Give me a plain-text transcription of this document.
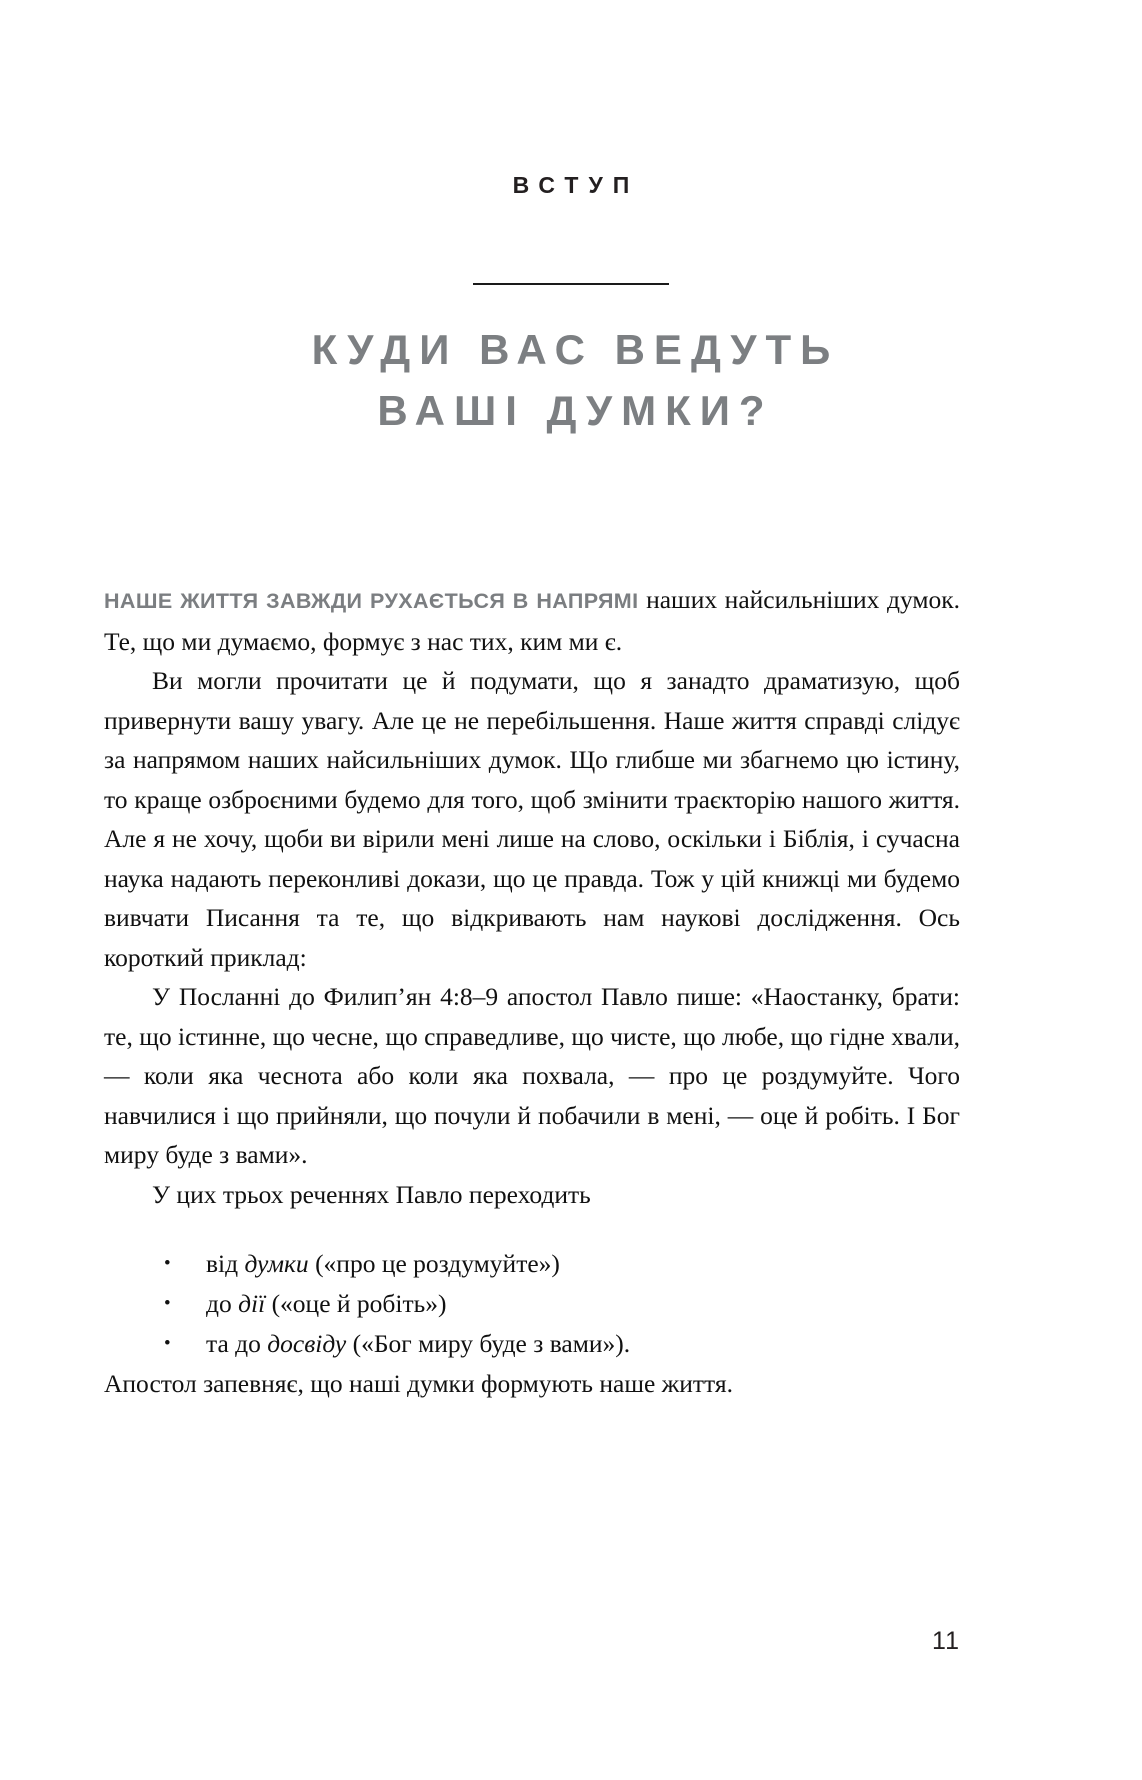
ВСТУП
КУДИ ВАС ВЕДУТЬ
ВАШІ ДУМКИ?

НАШЕ ЖИТТЯ ЗАВЖДИ РУХАЄТЬСЯ В НАПРЯМІ наших найсильніших думок. Те, що ми думаємо, формує з нас тих, ким ми є.

Ви могли прочитати це й подумати, що я занадто драматизую, щоб привернути вашу увагу. Але це не перебільшення. Наше життя справді слідує за напрямом наших найсильніших думок. Що глибше ми збагнемо цю істину, то краще озброєними будемо для того, щоб змінити траєкторію нашого життя. Але я не хочу, щоби ви вірили мені лише на слово, оскільки і Біблія, і сучасна наука надають переконливі докази, що це правда. Тож у цій книжці ми будемо вивчати Писання та те, що відкривають нам наукові дослідження. Ось короткий приклад:

У Посланні до Филип’ян 4:8–9 апостол Павло пише: «Наостанку, брати: те, що істинне, що чесне, що справедливе, що чисте, що любе, що гідне хвали, — коли яка чеснота або коли яка похвала, — про це роздумуйте. Чого навчилися і що прийняли, що почули й побачили в мені, — оце й робіть. І Бог миру буде з вами».

У цих трьох реченнях Павло переходить

• від думки («про це роздумуйте»)
• до дії («оце й робіть»)
• та до досвіду («Бог миру буде з вами»).

Апостол запевняє, що наші думки формують наше життя.

11
